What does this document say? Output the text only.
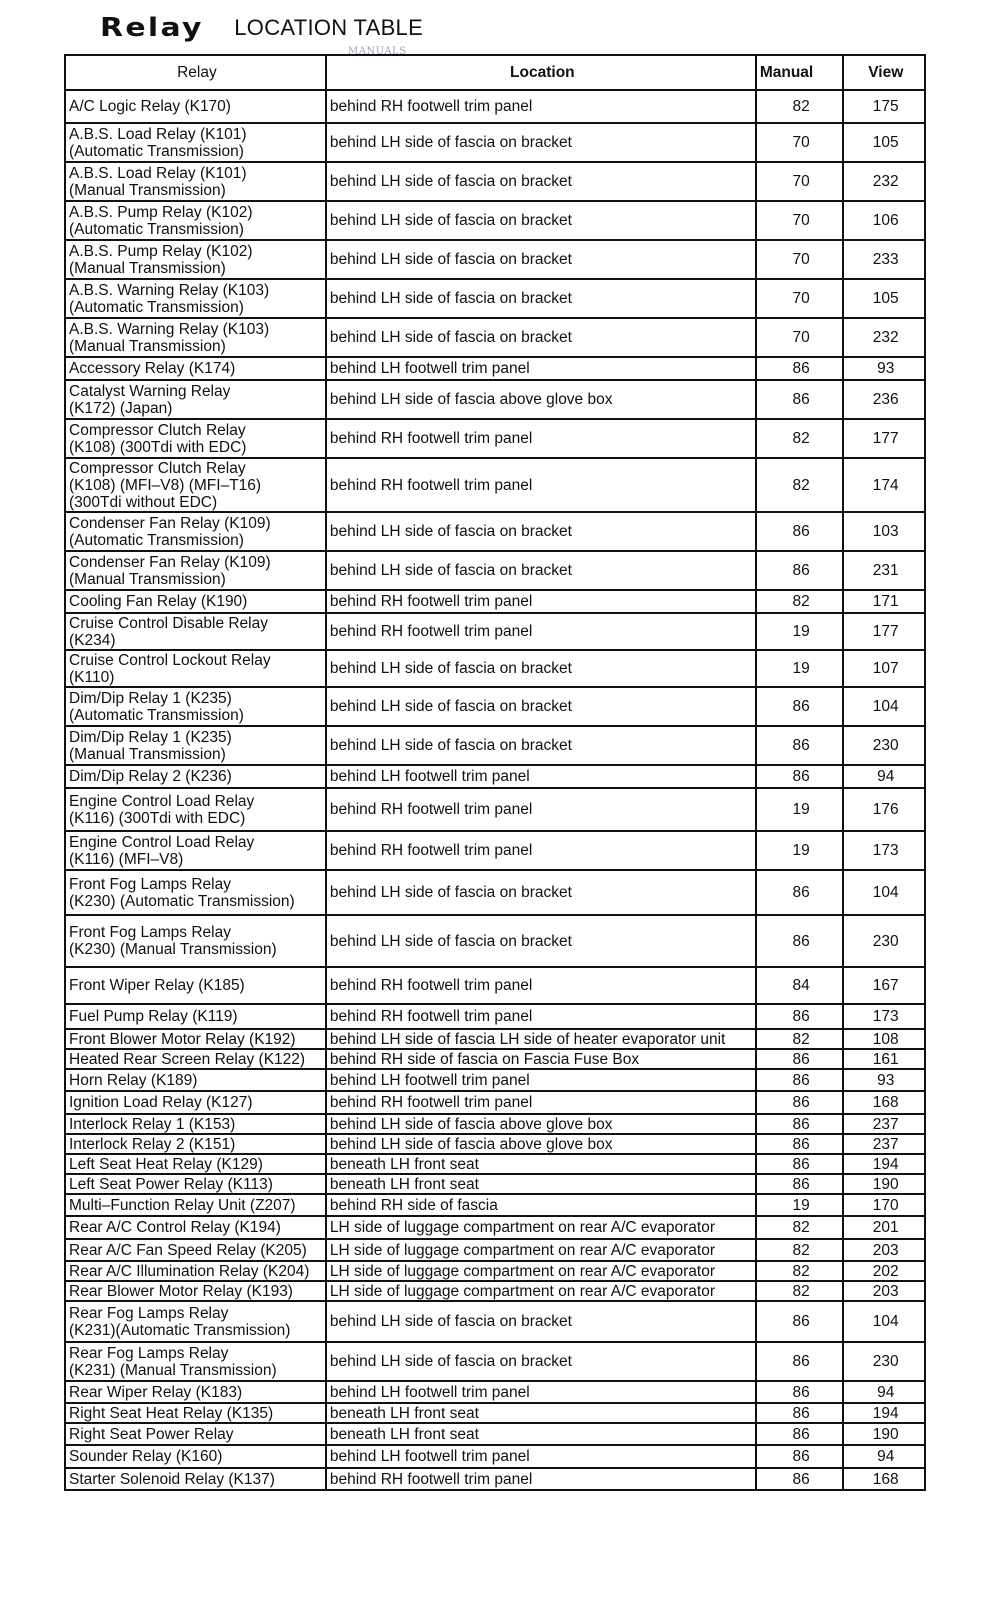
Relay LOCATION TABLE
MANUALS
Relay	Location	Manual	View

A/C Logic Relay (K170)	behind RH footwell trim panel	82	175

A.B.S. Load Relay (K101)
(Automatic Transmission)	behind LH side of fascia on bracket	70	105

A.B.S. Load Relay (K101)
(Manual Transmission)	behind LH side of fascia on bracket	70	232

A.B.S. Pump Relay (K102)
(Automatic Transmission)	behind LH side of fascia on bracket	70	106

A.B.S. Pump Relay (K102)
(Manual Transmission)	behind LH side of fascia on bracket	70	233

A.B.S. Warning Relay (K103)
(Automatic Transmission)	behind LH side of fascia on bracket	70	105

A.B.S. Warning Relay (K103)
(Manual Transmission)	behind LH side of fascia on bracket	70	232

Accessory Relay (K174)	behind LH footwell trim panel	86	93

Catalyst Warning Relay
(K172) (Japan)	behind LH side of fascia above glove box	86	236

Compressor Clutch Relay
(K108) (300Tdi with EDC)	behind RH footwell trim panel	82	177

Compressor Clutch Relay
(K108) (MFI–V8) (MFI–T16)
(300Tdi without EDC)	behind RH footwell trim panel	82	174

Condenser Fan Relay (K109)
(Automatic Transmission)	behind LH side of fascia on bracket	86	103

Condenser Fan Relay (K109)
(Manual Transmission)	behind LH side of fascia on bracket	86	231

Cooling Fan Relay (K190)	behind RH footwell trim panel	82	171

Cruise Control Disable Relay
(K234)	behind RH footwell trim panel	19	177

Cruise Control Lockout Relay
(K110)	behind LH side of fascia on bracket	19	107

Dim/Dip Relay 1 (K235)
(Automatic Transmission)	behind LH side of fascia on bracket	86	104

Dim/Dip Relay 1 (K235)
(Manual Transmission)	behind LH side of fascia on bracket	86	230

Dim/Dip Relay 2 (K236)	behind LH footwell trim panel	86	94

Engine Control Load Relay
(K116) (300Tdi with EDC)	behind RH footwell trim panel	19	176

Engine Control Load Relay
(K116) (MFI–V8)	behind RH footwell trim panel	19	173

Front Fog Lamps Relay
(K230) (Automatic Transmission)	behind LH side of fascia on bracket	86	104

Front Fog Lamps Relay
(K230) (Manual Transmission)	behind LH side of fascia on bracket	86	230

Front Wiper Relay (K185)	behind RH footwell trim panel	84	167

Fuel Pump Relay (K119)	behind RH footwell trim panel	86	173

Front Blower Motor Relay (K192)	behind LH side of fascia LH side of heater evaporator unit	82	108

Heated Rear Screen Relay (K122)	behind RH side of fascia on Fascia Fuse Box	86	161

Horn Relay (K189)	behind LH footwell trim panel	86	93

Ignition Load Relay (K127)	behind RH footwell trim panel	86	168

Interlock Relay 1 (K153)	behind LH side of fascia above glove box	86	237

Interlock Relay 2 (K151)	behind LH side of fascia above glove box	86	237

Left Seat Heat Relay (K129)	beneath LH front seat	86	194

Left Seat Power Relay (K113)	beneath LH front seat	86	190

Multi–Function Relay Unit (Z207)	behind RH side of fascia	19	170

Rear A/C Control Relay (K194)	LH side of luggage compartment on rear A/C evaporator	82	201

Rear A/C Fan Speed Relay (K205)	LH side of luggage compartment on rear A/C evaporator	82	203

Rear A/C Illumination Relay (K204)	LH side of luggage compartment on rear A/C evaporator	82	202

Rear Blower Motor Relay (K193)	LH side of luggage compartment on rear A/C evaporator	82	203

Rear Fog Lamps Relay
(K231)(Automatic Transmission)	behind LH side of fascia on bracket	86	104

Rear Fog Lamps Relay
(K231) (Manual Transmission)	behind LH side of fascia on bracket	86	230

Rear Wiper Relay (K183)	behind LH footwell trim panel	86	94

Right Seat Heat Relay (K135)	beneath LH front seat	86	194

Right Seat Power Relay	beneath LH front seat	86	190

Sounder Relay (K160)	behind LH footwell trim panel	86	94

Starter Solenoid Relay (K137)	behind RH footwell trim panel	86	168
